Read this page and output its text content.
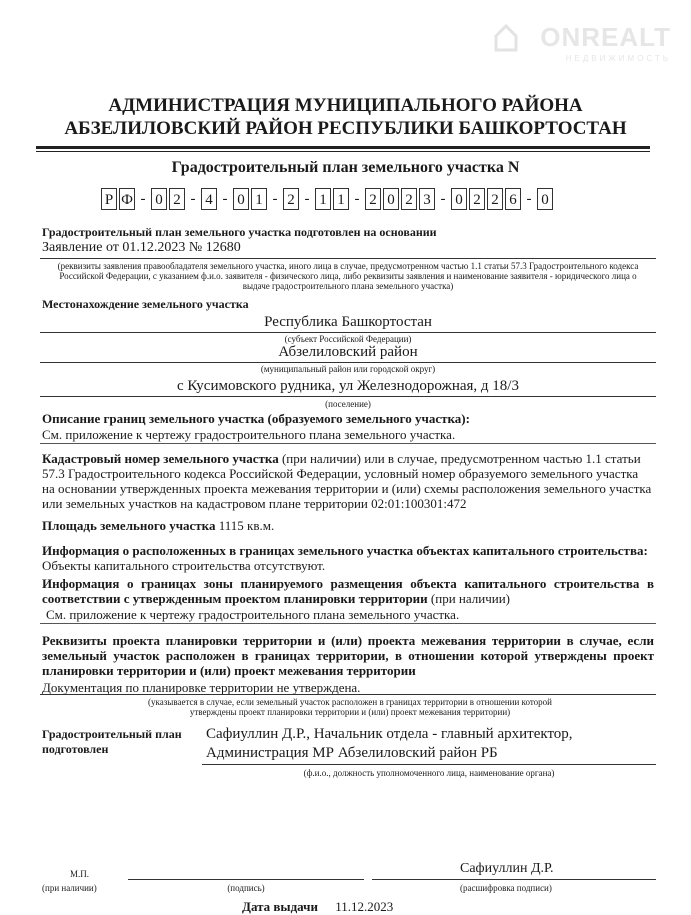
ONREALT
НЕДВИЖИМОСТЬ
АДМИНИСТРАЦИЯ МУНИЦИПАЛЬНОГО РАЙОНА
АБЗЕЛИЛОВСКИЙ РАЙОН РЕСПУБЛИКИ БАШКОРТОСТАН
Градостроительный план земельного участка N
Р Ф - 0 2 - 4 - 0 1 - 2 - 1 1 - 2 0 2 3 - 0 2 2 6 - 0
Градостроительный план земельного участка подготовлен на основании
Заявление от 01.12.2023 № 12680
(реквизиты заявления правообладателя земельного участка, иного лица в случае, предусмотренном частью 1.1 статьи 57.3 Градостроительного кодекса Российской Федерации, с указанием ф.и.о. заявителя - физического лица, либо реквизиты заявления и наименование заявителя - юридического лица о выдаче градостроительного плана земельного участка)
Местонахождение земельного участка
Республика Башкортостан
(субъект Российской Федерации)
Абзелиловский район
(муниципальный район или городской округ)
с Кусимовского рудника, ул Железнодорожная, д 18/3
(поселение)
Описание границ земельного участка (образуемого земельного участка):
См. приложение к чертежу градостроительного плана земельного участка.
Кадастровый номер земельного участка (при наличии) или в случае, предусмотренном частью 1.1 статьи 57.3 Градостроительного кодекса Российской Федерации, условный номер образуемого земельного участка на основании утвержденных проекта межевания территории и (или) схемы расположения земельного участка или земельных участков на кадастровом плане территории 02:01:100301:472
Площадь земельного участка 1115 кв.м.
Информация о расположенных в границах земельного участка объектах капитального строительства:
Объекты капитального строительства отсутствуют.
Информация о границах зоны планируемого размещения объекта капитального строительства в соответствии с утвержденным проектом планировки территории (при наличии)
См. приложение к чертежу градостроительного плана земельного участка.
Реквизиты проекта планировки территории и (или) проекта межевания территории в случае, если земельный участок расположен в границах территории, в отношении которой утверждены проект планировки территории и (или) проект межевания территории
Документация по планировке территории не утверждена.
(указывается в случае, если земельный участок расположен в границах территории в отношении которой утверждены проект планировки территории и (или) проект межевания территории)
Градостроительный план подготовлен
Сафиуллин Д.Р., Начальник отдела - главный архитектор,
Администрация МР Абзелиловский район РБ
(ф.и.о., должность уполномоченного лица, наименование органа)
М.П.
(при наличии)	(подпись)
Сафиуллин Д.Р.
(расшифровка подписи)
Дата выдачи 11.12.2023
